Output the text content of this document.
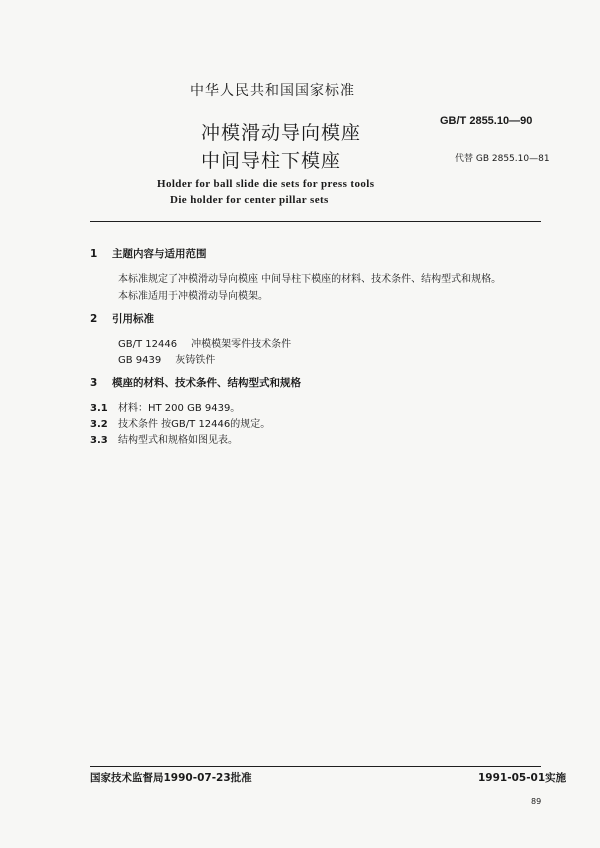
中华人民共和国国家标准
GB/T 2855.10—90
代替 GB 2855.10—81
冲模滑动导向模座
中间导柱下模座
Holder for ball slide die sets for press tools
Die holder for center pillar sets
1 主题内容与适用范围
本标准规定了冲模滑动导向模座 中间导柱下模座的材料、技术条件、结构型式和规格。
本标准适用于冲模滑动导向模架。
2 引用标准
GB/T 12446 冲模模架零件技术条件
GB 9439 灰铸铁件
3 模座的材料、技术条件、结构型式和规格
3.1 材料：HT 200 GB 9439。
3.2 技术条件 按GB/T 12446的规定。
3.3 结构型式和规格如图见表。
国家技术监督局1990-07-23批准	1991-05-01实施
89
